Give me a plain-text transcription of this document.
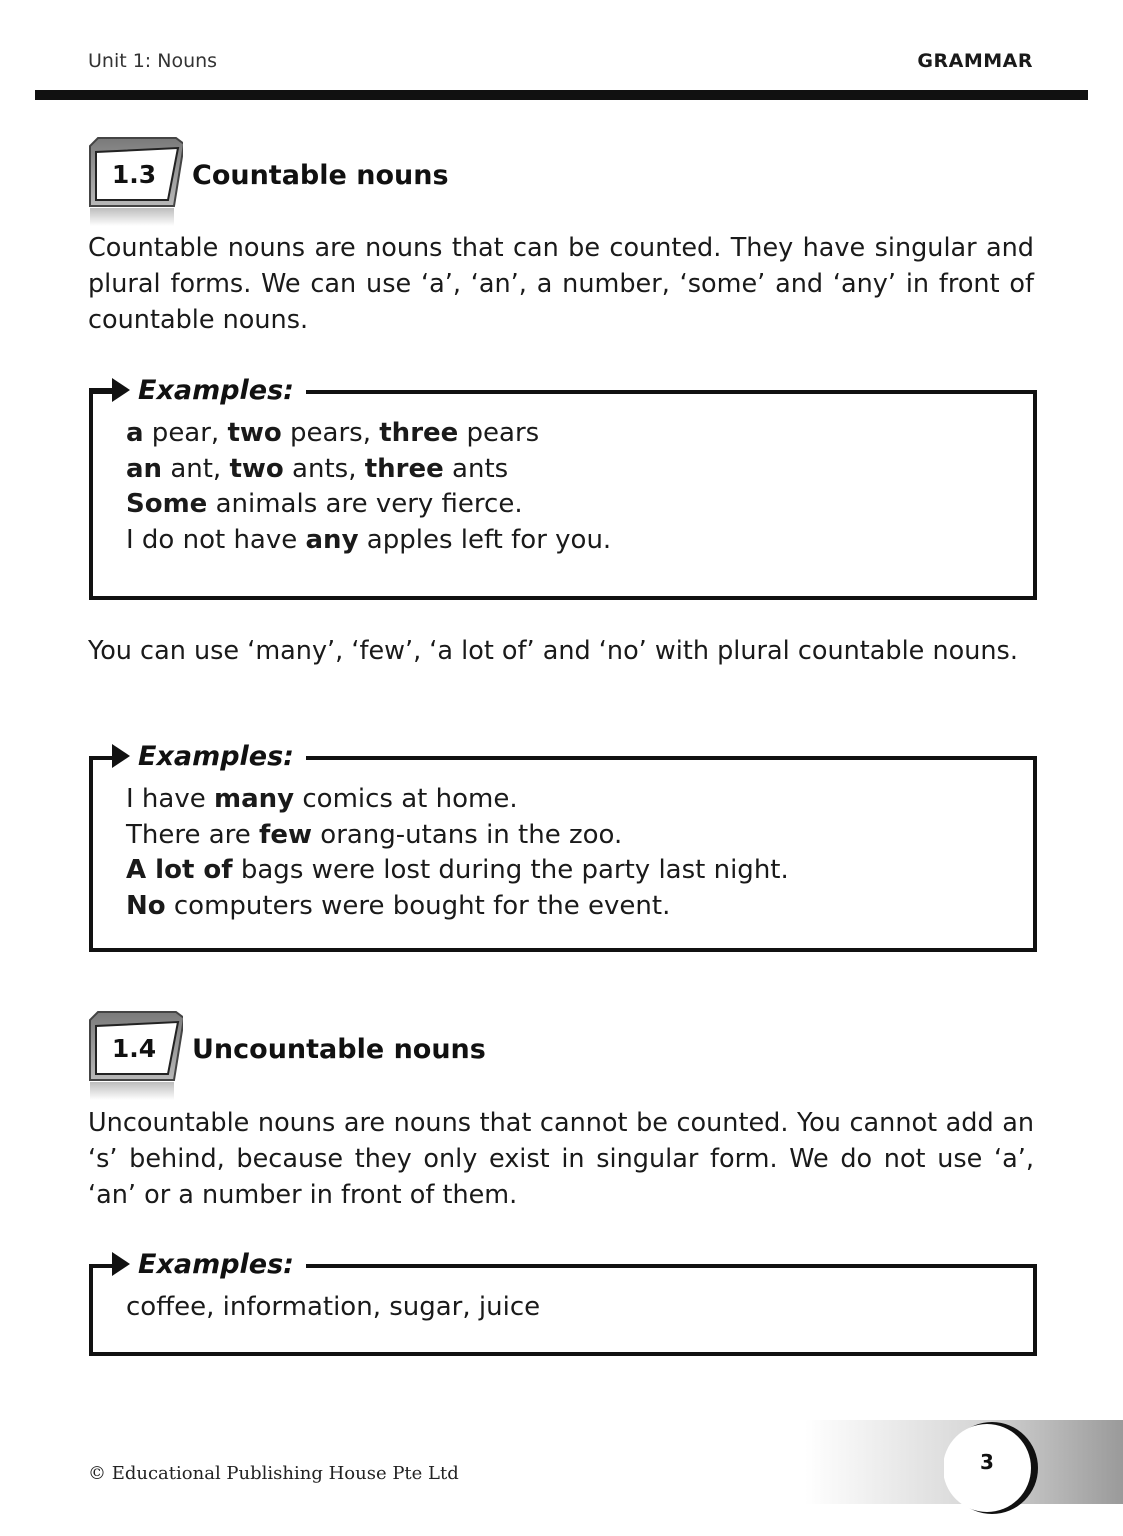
Unit 1: Nouns	GRAMMAR
1.3	Countable nouns
Countable nouns are nouns that can be counted. They have singular and plural forms. We can use ‘a’, ‘an’, a number, ‘some’ and ‘any’ in front of countable nouns.
a pear, two pears, three pears
an ant, two ants, three ants
Some animals are very fierce.
I do not have any apples left for you.
Examples:
You can use ‘many’, ‘few’, ‘a lot of’ and ‘no’ with plural countable nouns.
I have many comics at home.
There are few orang-utans in the zoo.
A lot of bags were lost during the party last night.
No computers were bought for the event.
Examples:
1.4	Uncountable nouns
Uncountable nouns are nouns that cannot be counted. You cannot add an ‘s’ behind, because they only exist in singular form. We do not use ‘a’, ‘an’ or a number in front of them.
coffee, information, sugar, juice
Examples:
© Educational Publishing House Pte Ltd	3
